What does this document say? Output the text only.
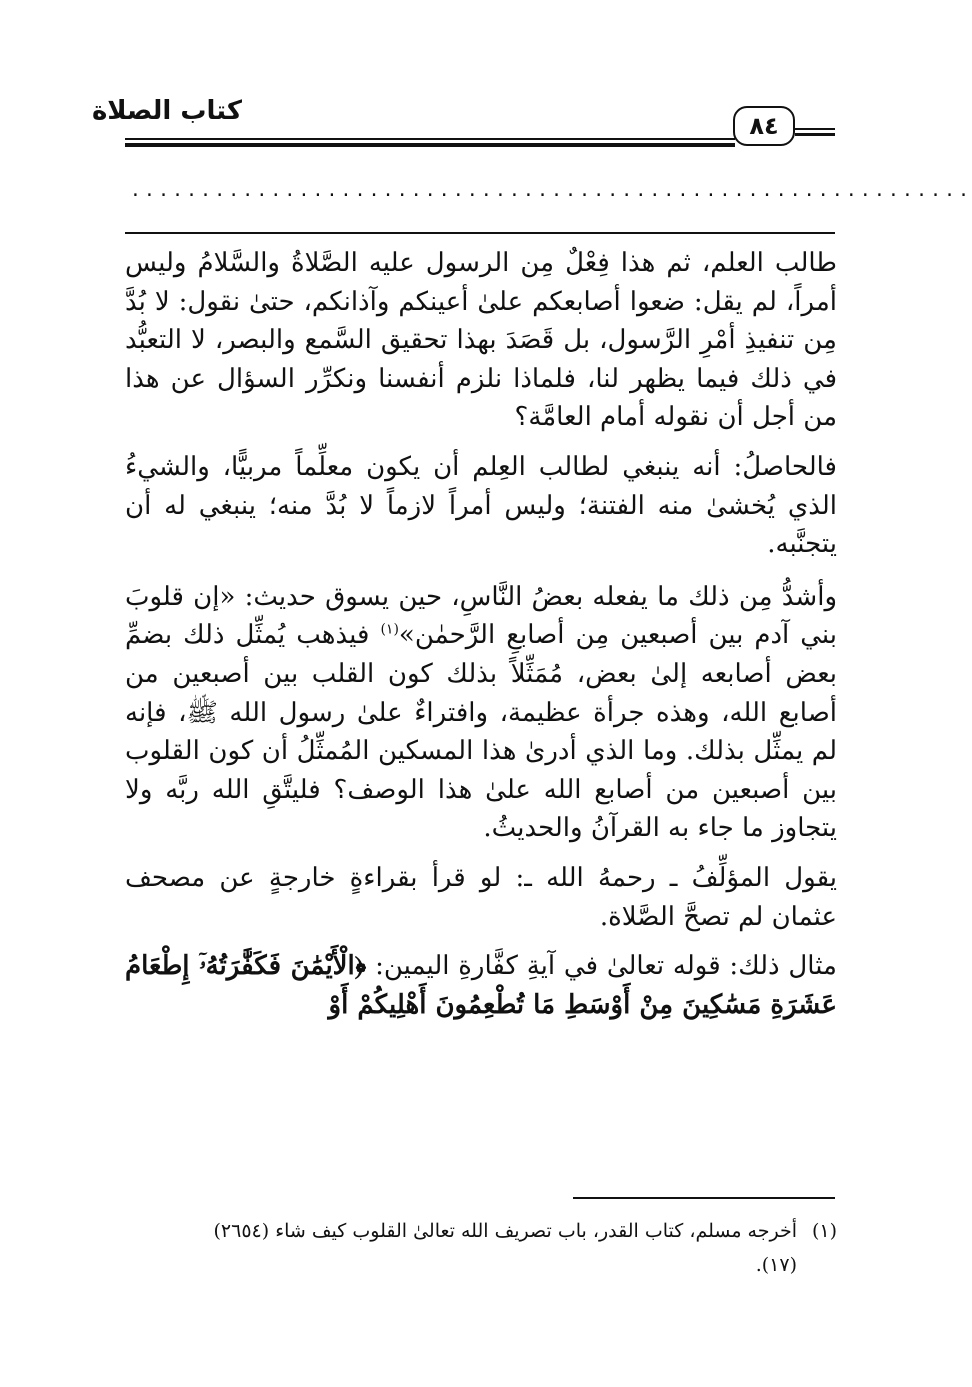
كتاب الصلاة	٨٤
............................................................

طالب العلم، ثم هذا فِعْلٌ مِن الرسول عليه الصَّلاةُ والسَّلامُ وليس أمراً، لم يقل: ضعوا أصابعكم علىٰ أعينكم وآذانكم، حتىٰ نقول: لا بُدَّ مِن تنفيذِ أمْرِ الرَّسول، بل قَصَدَ بهذا تحقيق السَّمع والبصر، لا التعبُّد في ذلك فيما يظهر لنا، فلماذا نلزم أنفسنا ونكرِّر السؤال عن هذا من أجل أن نقوله أمام العامَّة؟

فالحاصلُ: أنه ينبغي لطالب العِلم أن يكون معلِّماً مربيًّا، والشيءُ الذي يُخشىٰ منه الفتنة؛ وليس أمراً لازماً لا بُدَّ منه؛ ينبغي له أن يتجنَّبه.

وأشدُّ مِن ذلك ما يفعله بعضُ النَّاسِ، حين يسوق حديث: «إن قلوبَ بني آدم بين أصبعين مِن أصابعِ الرَّحمٰن»$^{(١)}$ فيذهب يُمثِّل ذلك بضمِّ بعض أصابعه إلىٰ بعض، مُمَثِّلاً بذلك كون القلب بين أصبعين من أصابع الله، وهذه جرأة عظيمة، وافتراءٌ علىٰ رسول الله ﷺ، فإنه لم يمثِّل بذلك. وما الذي أدرىٰ هذا المسكين المُمثِّلُ أن كون القلوب بين أصبعين من أصابع الله علىٰ هذا الوصف؟ فليتَّقِ الله ربَّه ولا يتجاوز ما جاء به القرآنُ والحديثُ.

يقول المؤلِّفُ ـ رحمهُ الله ـ: لو قرأ بقراءةٍ خارجةٍ عن مصحف عثمان لم تصحَّ الصَّلاة.

مثال ذلك: قوله تعالىٰ في آيةِ كفَّارةِ اليمين: ﴿الْأَيْمَٰنَ فَكَفَّٰرَتُهُۥٓ إِطْعَامُ عَشَرَةِ مَسَٰكِينَ مِنْ أَوْسَطِ مَا تُطْعِمُونَ أَهْلِيكُمْ أَوْ

(١)أخرجه مسلم، كتاب القدر، باب تصريف الله تعالىٰ القلوب كيف شاء (٢٦٥٤)

(١٧).
